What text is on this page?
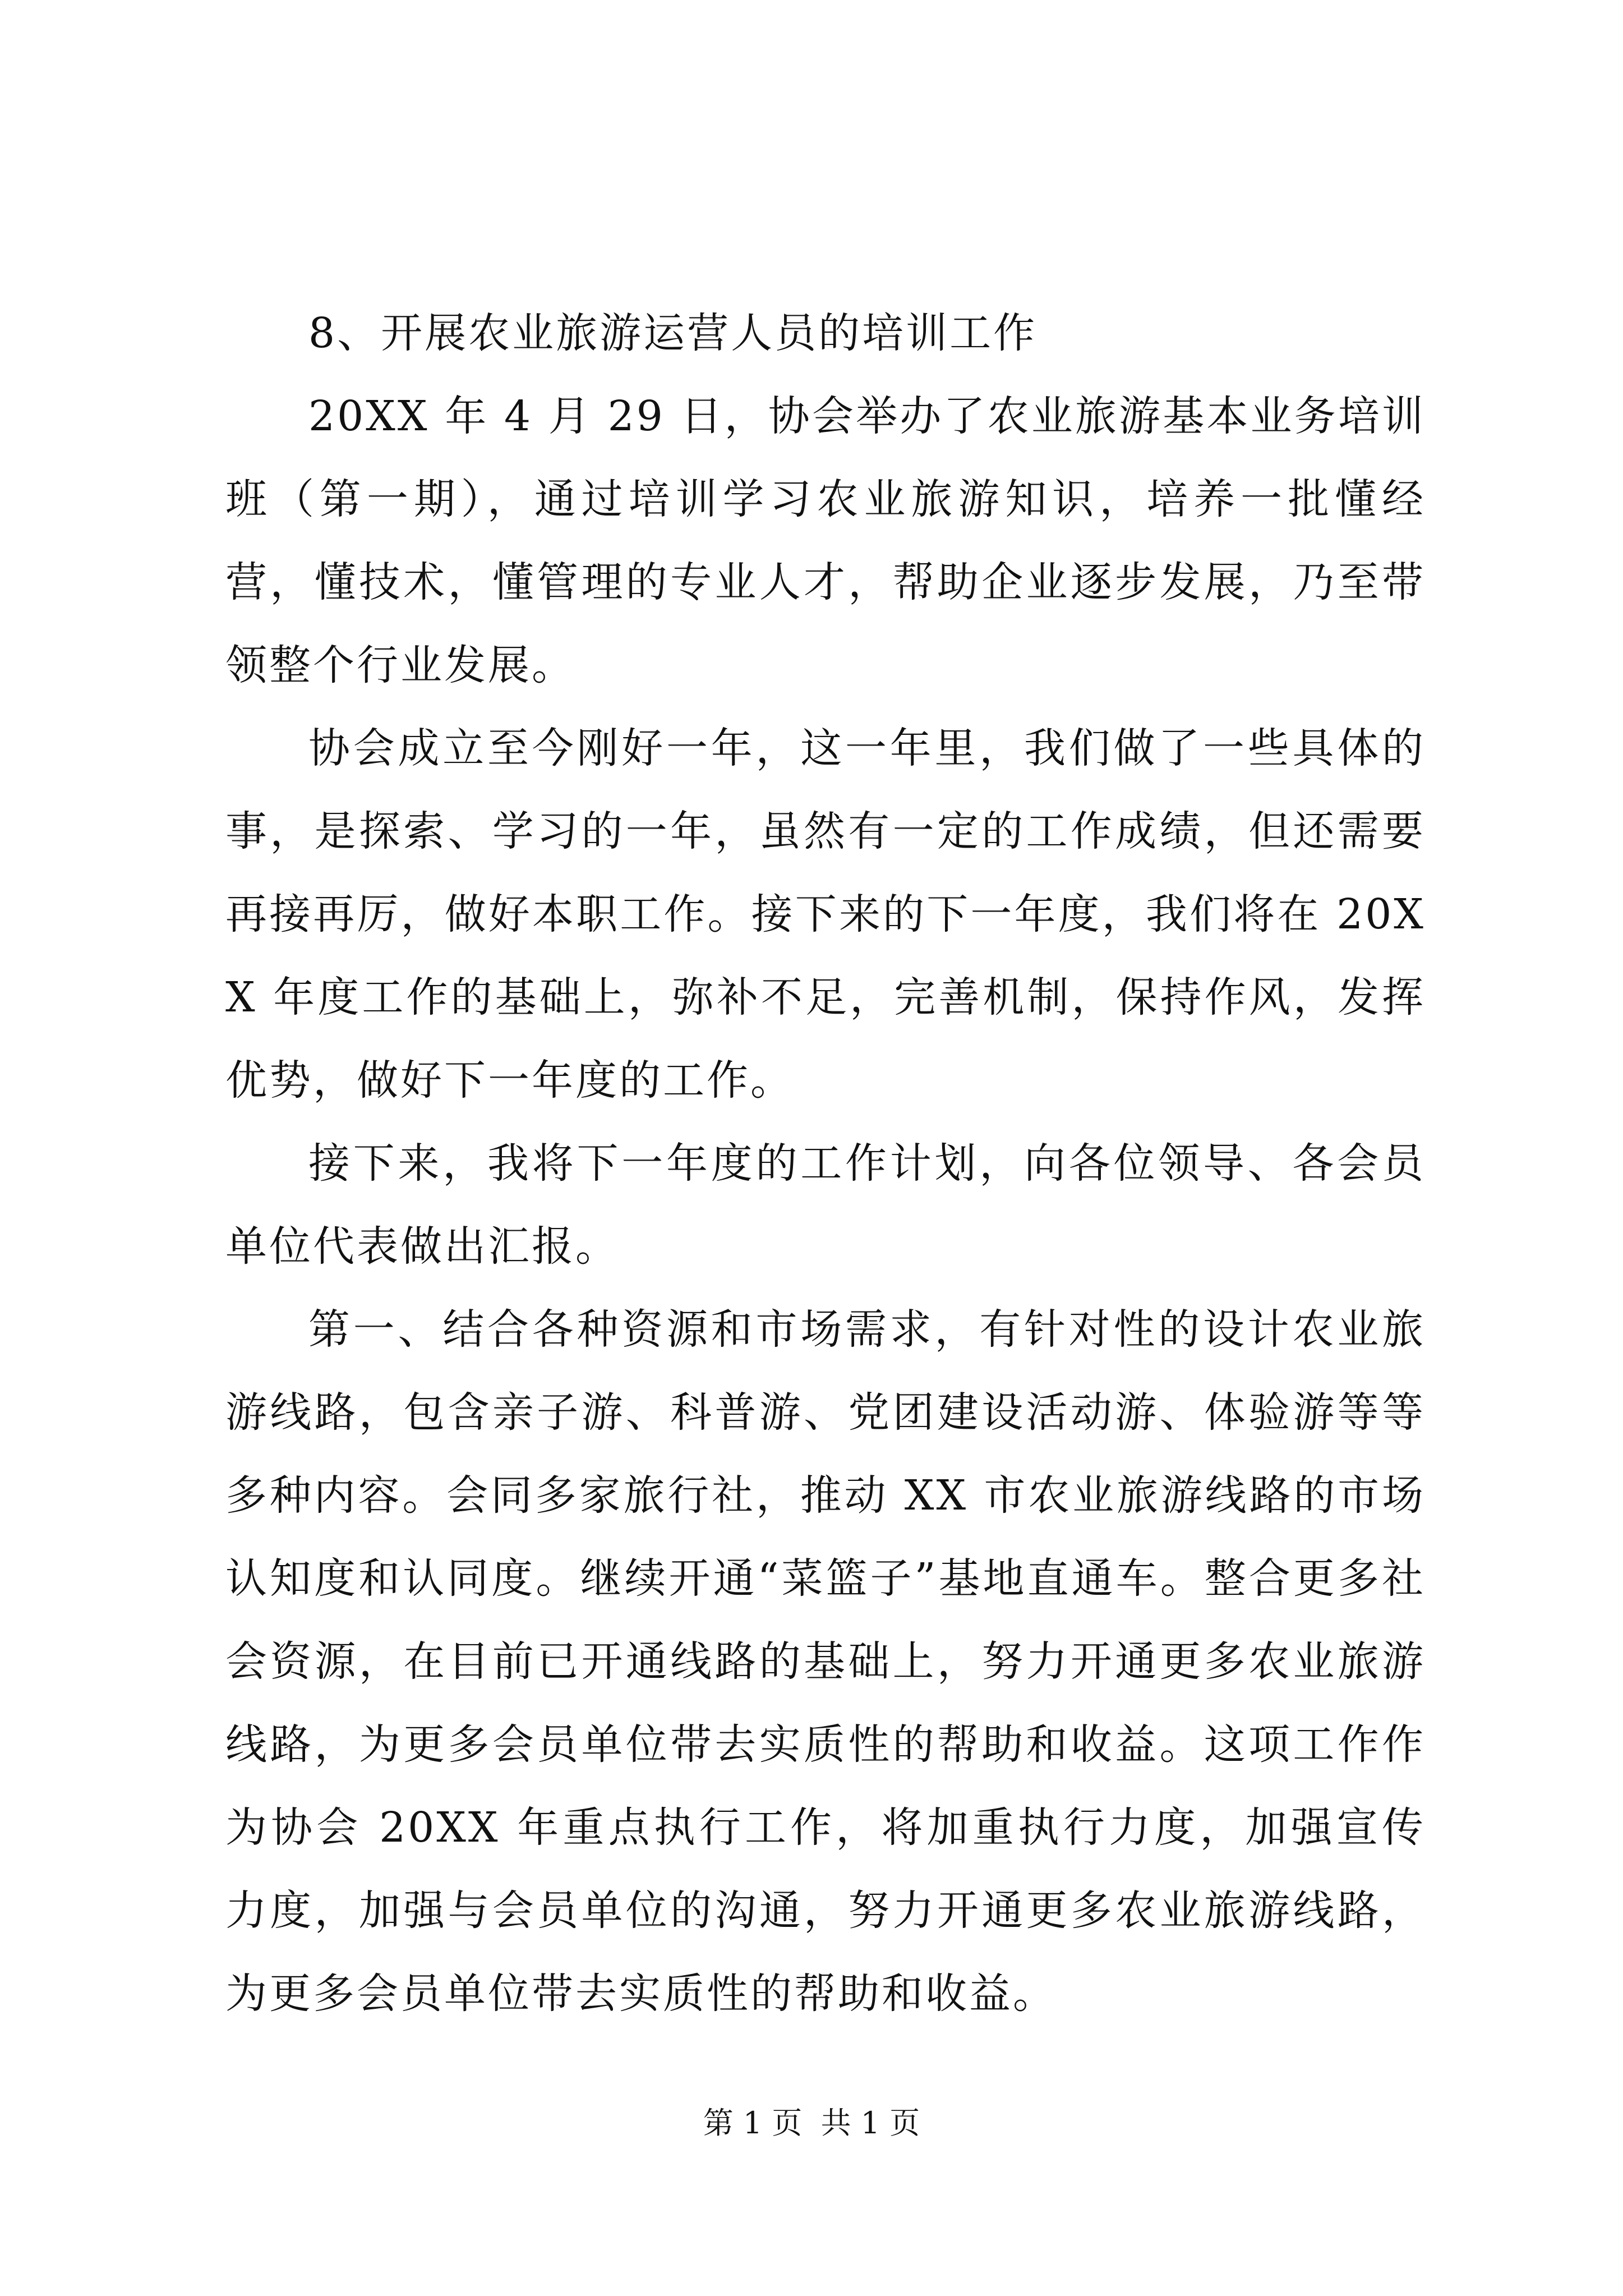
8、开展农业旅游运营人员的培训工作

20XX 年 4 月 29 日，协会举办了农业旅游基本业务培训班（第一期），通过培训学习农业旅游知识，培养一批懂经营，懂技术，懂管理的专业人才，帮助企业逐步发展，乃至带领整个行业发展。

协会成立至今刚好一年，这一年里，我们做了一些具体的事，是探索、学习的一年，虽然有一定的工作成绩，但还需要再接再厉，做好本职工作。接下来的下一年度，我们将在 20XX 年度工作的基础上，弥补不足，完善机制，保持作风，发挥优势，做好下一年度的工作。

接下来，我将下一年度的工作计划，向各位领导、各会员单位代表做出汇报。

第一、结合各种资源和市场需求，有针对性的设计农业旅游线路，包含亲子游、科普游、党团建设活动游、体验游等等多种内容。会同多家旅行社，推动 XX 市农业旅游线路的市场认知度和认同度。继续开通“菜篮子”基地直通车。整合更多社会资源，在目前已开通线路的基础上，努力开通更多农业旅游线路，为更多会员单位带去实质性的帮助和收益。这项工作作为协会 20XX 年重点执行工作，将加重执行力度，加强宣传力度，加强与会员单位的沟通，努力开通更多农业旅游线路，为更多会员单位带去实质性的帮助和收益。

第 1 页 共 1 页
